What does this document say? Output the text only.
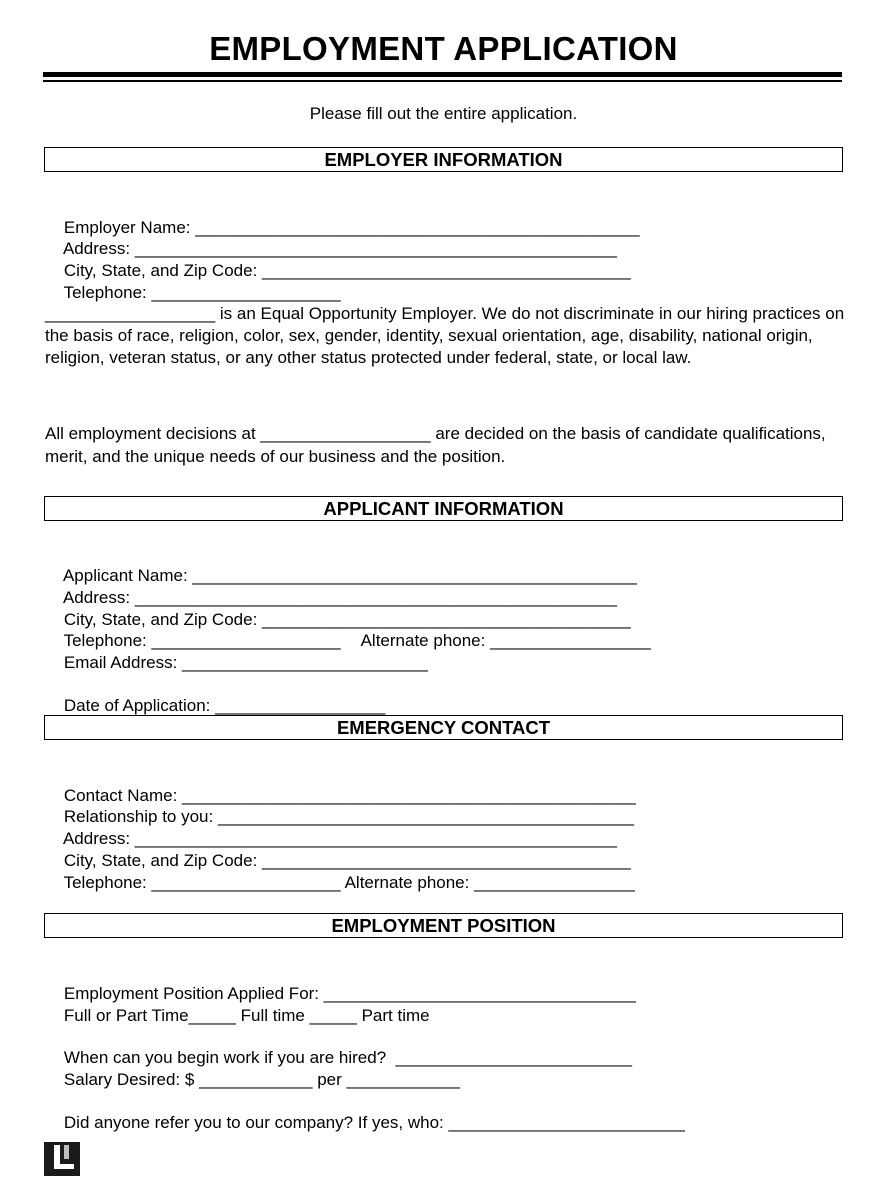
EMPLOYMENT APPLICATION
Please fill out the entire application.
EMPLOYER INFORMATION

Employer Name: _______________________________________________

Address: ___________________________________________________

City, State, and Zip Code: _______________________________________

Telephone: ____________________

__________________ is an Equal Opportunity Employer. We do not discriminate in our hiring practices on the basis of race, religion, color, sex, gender, identity, sexual orientation, age, disability, national origin, religion, veteran status, or any other status protected under federal, state, or local law.
All employment decisions at __________________ are decided on the basis of candidate qualifications, merit, and the unique needs of our business and the position.
APPLICANT INFORMATION

Applicant Name: _______________________________________________

Address: ___________________________________________________

City, State, and Zip Code: _______________________________________

Telephone: ____________________ Alternate phone: _________________

Email Address: __________________________

Date of Application: __________________

EMERGENCY CONTACT

Contact Name: ________________________________________________

Relationship to you: ____________________________________________

Address: ___________________________________________________

City, State, and Zip Code: _______________________________________

Telephone: ____________________ Alternate phone: _________________

EMPLOYMENT POSITION

Employment Position Applied For: _________________________________

Full or Part Time_____ Full time _____ Part time

When can you begin work if you are hired?  _________________________

Salary Desired: $ ____________ per ____________

Did anyone refer you to our company? If yes, who: _________________________
